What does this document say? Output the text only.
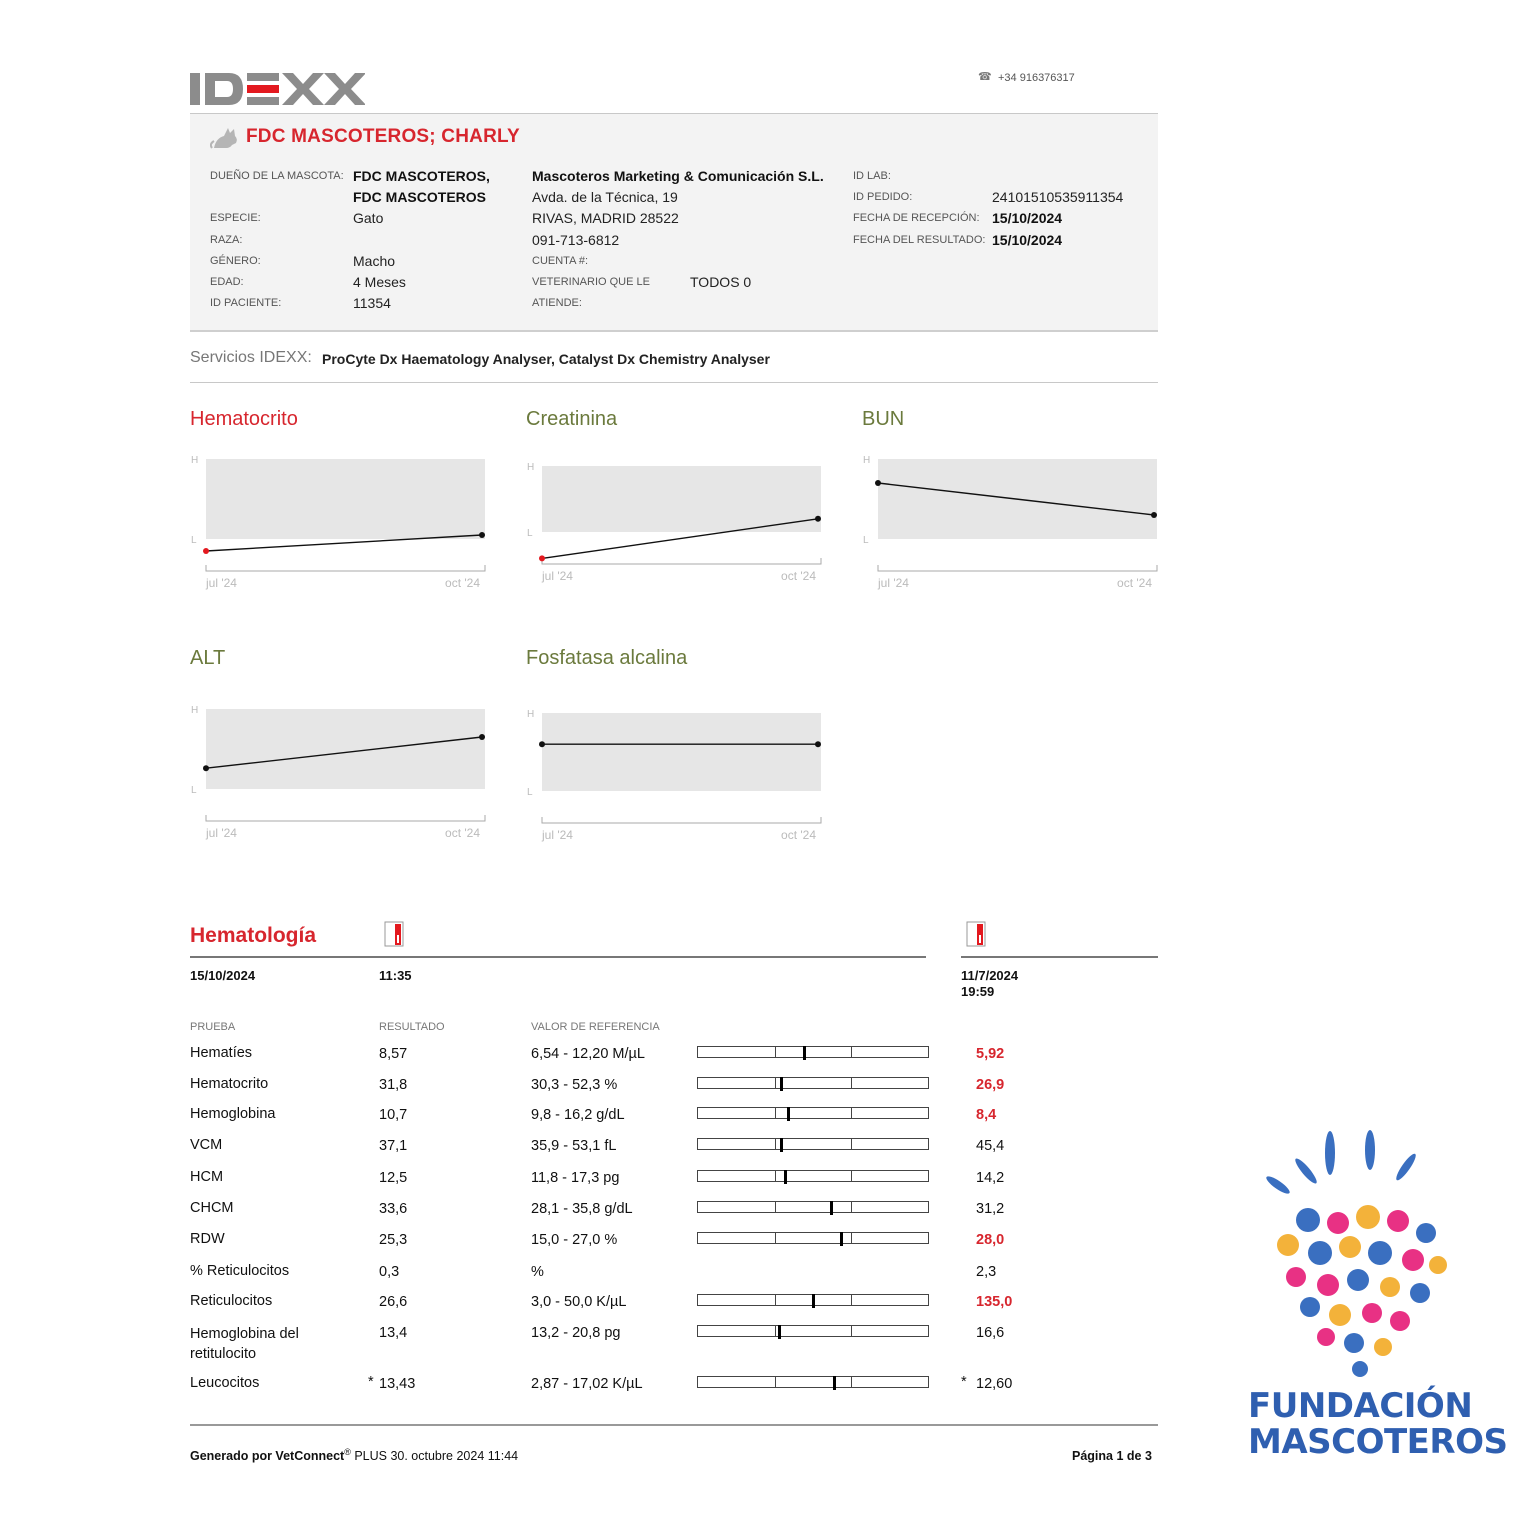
☎ +34 916376317
FDC MASCOTEROS; CHARLY
DUEÑO DE LA MASCOTA: FDC MASCOTEROS,
FDC MASCOTEROS
ESPECIE:	Gato
RAZA:
GÉNERO:	Macho
EDAD:	4 Meses
ID PACIENTE:	11354
Mascoteros Marketing & Comunicación S.L.
Avda. de la Técnica, 19
RIVAS, MADRID 28522
091-713-6812
CUENTA #:
VETERINARIO QUE LE
ATIENDE:
TODOS 0
ID LAB:
ID PEDIDO:	24101510535911354
FECHA DE RECEPCIÓN: 15/10/2024
FECHA DEL RESULTADO: 15/10/2024
Servicios IDEXX: ProCyte Dx Haematology Analyser, Catalyst Dx Chemistry Analyser
Hematocrito	Creatinina	BUN
ALT	Fosfatasa alcalina
H
L
jul '24	oct '24
H
L
jul '24	oct '24
H
L
jul '24	oct '24
H
L
jul '24	oct '24
H
L
jul '24	oct '24
Hematología
15/10/2024	11:35	11/7/2024
19:59
PRUEBA	RESULTADO	VALOR DE REFERENCIA
Hematíes	8,57	6,54 - 12,20 M/µL	5,92
Hematocrito	31,8	30,3 - 52,3 %	26,9
Hemoglobina	10,7	9,8 - 16,2 g/dL	8,4
VCM	37,1	35,9 - 53,1 fL	45,4
HCM	12,5	11,8 - 17,3 pg	14,2
CHCM	33,6	28,1 - 35,8 g/dL	31,2
RDW	25,3	15,0 - 27,0 %	28,0
% Reticulocitos	0,3	%	2,3
Reticulocitos	26,6	3,0 - 50,0 K/µL	135,0
Hemoglobina del retitulocito
13,4	13,2 - 20,8 pg	16,6
Leucocitos	* 13,43	2,87 - 17,02 K/µL	* 12,60
Generado por VetConnect® PLUS 30. octubre 2024 11:44	Página 1 de 3
FUNDACIÓN
MASCOTEROS
